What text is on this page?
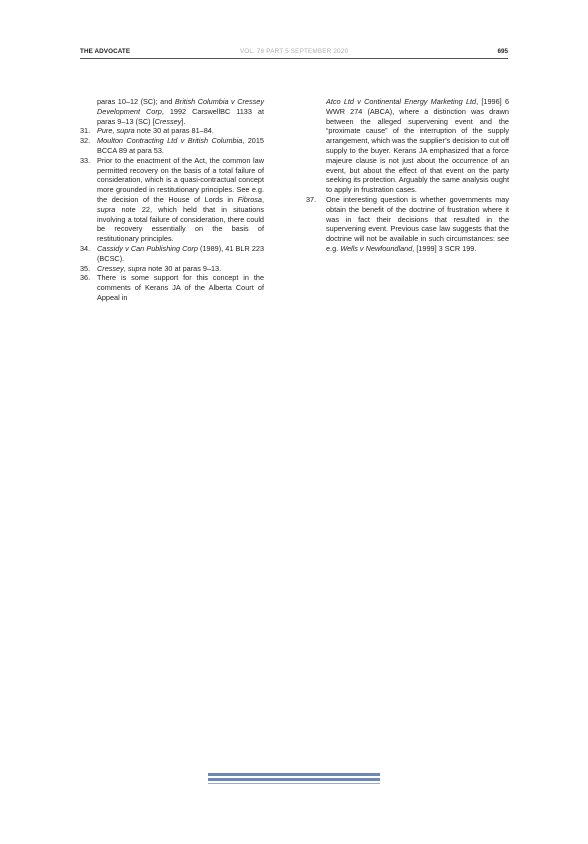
THE ADVOCATE	VOL. 78 PART 5 SEPTEMBER 2020	695

paras 10–12 (SC); and British Columbia v Cressey Development Corp, 1992 CarswellBC 1133 at paras 9–13 (SC) [Cressey].

31. Pure, supra note 30 at paras 81–84.

32. Moulton Contracting Ltd v British Columbia, 2015 BCCA 89 at para 53.

33. Prior to the enactment of the Act, the common law permitted recovery on the basis of a total failure of consideration, which is a quasi-contractual concept more grounded in restitutionary principles. See e.g. the decision of the House of Lords in Fibrosa, supra note 22, which held that in situations involving a total failure of consideration, there could be recovery essentially on the basis of restitutionary principles.

34. Cassidy v Can Publishing Corp (1989), 41 BLR 223 (BCSC).

35. Cressey, supra note 30 at paras 9–13.

36. There is some support for this concept in the comments of Kerans JA of the Alberta Court of Appeal in

Atco Ltd v Continental Energy Marketing Ltd, [1996] 6 WWR 274 (ABCA), where a distinction was drawn between the alleged supervening event and the “proximate cause” of the interruption of the supply arrangement, which was the supplier’s decision to cut off supply to the buyer. Kerans JA emphasized that a force majeure clause is not just about the occurrence of an event, but about the effect of that event on the party seeking its protection. Arguably the same analysis ought to apply in frustration cases.

37. One interesting question is whether governments may obtain the benefit of the doctrine of frustration where it was in fact their decisions that resulted in the supervening event. Previous case law suggests that the doctrine will not be available in such circumstances: see e.g. Wells v Newfoundland, [1999] 3 SCR 199.
